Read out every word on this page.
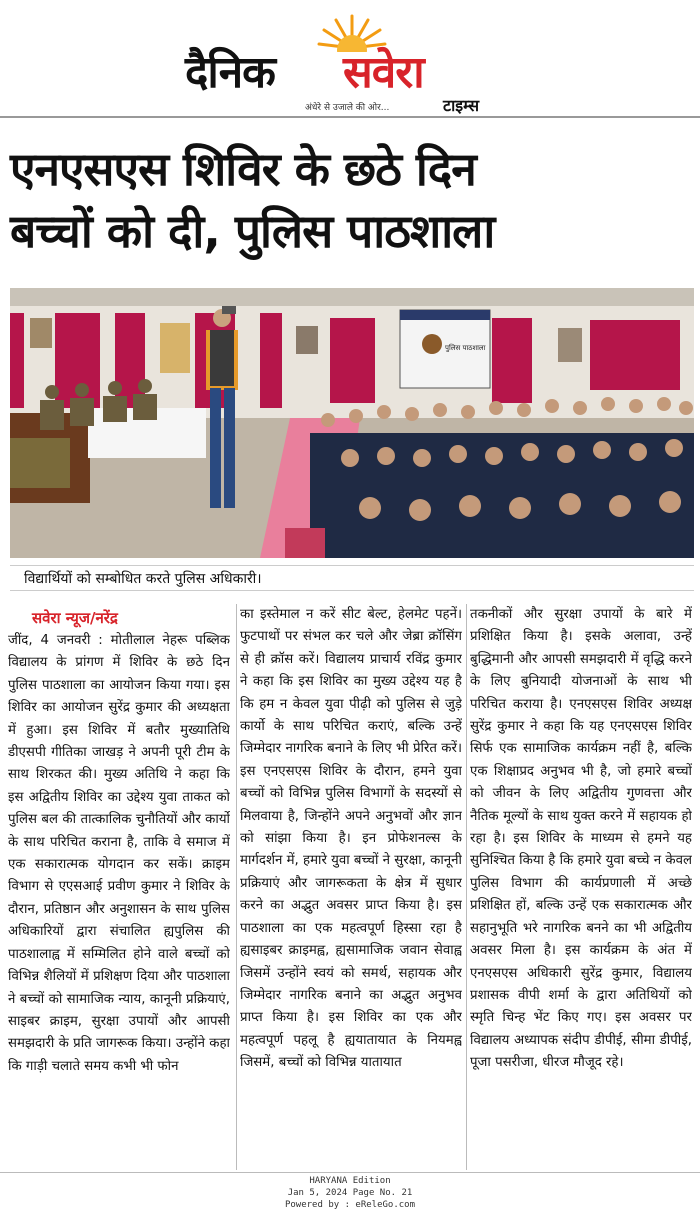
दैनिक सवेरा
अंधेरे से उजाले की ओर...	टाइम्स
एनएसएस शिविर के छठे दिन
बच्चों को दी, पुलिस पाठशाला
पुलिस पाठशाला
विद्यार्थियों को सम्बोधित करते पुलिस अधिकारी।
सवेरा न्यूज/नरेंद्र

जींद, 4 जनवरी : मोतीलाल नेहरू पब्लिक विद्यालय के प्रांगण में शिविर के छठे दिन पुलिस पाठशाला का आयोजन किया गया। इस शिविर का आयोजन सुरेंद्र कुमार की अध्यक्षता में हुआ। इस शिविर में बतौर मुख्यातिथि डीएसपी गीतिका जाखड़ ने अपनी पूरी टीम के साथ शिरकत की। मुख्य अतिथि ने कहा कि इस अद्वितीय शिविर का उद्देश्य युवा ताकत को पुलिस बल की तात्कालिक चुनौतियों और कार्यो के साथ परिचित कराना है, ताकि वे समाज में एक सकारात्मक योगदान कर सकें। क्राइम विभाग से एएसआई प्रवीण कुमार ने शिविर के दौरान, प्रतिष्ठान और अनुशासन के साथ पुलिस अधिकारियों द्वारा संचालित ह्यपुलिस की पाठशालाह्व में सम्मिलित होने वाले बच्चों को विभिन्न शैलियों में प्रशिक्षण दिया और पाठशाला ने बच्चों को सामाजिक न्याय, कानूनी प्रक्रियाएं, साइबर क्राइम, सुरक्षा उपायों और आपसी समझदारी के प्रति जागरूक किया। उन्होंने कहा कि गाड़ी चलाते समय कभी भी फोन

का इस्तेमाल न करें सीट बेल्ट, हेलमेट पहनें। फुटपाथों पर संभल कर चले और जेब्रा क्रॉसिंग से ही क्रॉस करें। विद्यालय प्राचार्य रविंद्र कुमार ने कहा कि इस शिविर का मुख्य उद्देश्य यह है कि हम न केवल युवा पीढ़ी को पुलिस से जुड़े कार्यो के साथ परिचित कराएं, बल्कि उन्हें जिम्मेदार नागरिक बनाने के लिए भी प्रेरित करें। इस एनएसएस शिविर के दौरान, हमने युवा बच्चों को विभिन्न पुलिस विभागों के सदस्यों से मिलवाया है, जिन्होंने अपने अनुभवों और ज्ञान को सांझा किया है। इन प्रोफेशनल्स के मार्गदर्शन में, हमारे युवा बच्चों ने सुरक्षा, कानूनी प्रक्रियाएं और जागरूकता के क्षेत्र में सुधार करने का अद्भुत अवसर प्राप्त किया है। इस पाठशाला का एक महत्वपूर्ण हिस्सा रहा है ह्यसाइबर क्राइमह्व, ह्यसामाजिक जवान सेवाह्व जिसमें उन्होंने स्वयं को समर्थ, सहायक और जिम्मेदार नागरिक बनाने का अद्भुत अनुभव प्राप्त किया है। इस शिविर का एक और महत्वपूर्ण पहलू है ह्ययातायात के नियमह्व जिसमें, बच्चों को विभिन्न यातायात

तकनीकों और सुरक्षा उपायों के बारे में प्रशिक्षित किया है। इसके अलावा, उन्हें बुद्धिमानी और आपसी समझदारी में वृद्धि करने के लिए बुनियादी योजनाओं के साथ भी परिचित कराया है। एनएसएस शिविर अध्यक्ष सुरेंद्र कुमार ने कहा कि यह एनएसएस शिविर सिर्फ एक सामाजिक कार्यक्रम नहीं है, बल्कि एक शिक्षाप्रद अनुभव भी है, जो हमारे बच्चों को जीवन के लिए अद्वितीय गुणवत्ता और नैतिक मूल्यों के साथ युक्त करने में सहायक हो रहा है। इस शिविर के माध्यम से हमने यह सुनिश्चित किया है कि हमारे युवा बच्चे न केवल पुलिस विभाग की कार्यप्रणाली में अच्छे प्रशिक्षित हों, बल्कि उन्हें एक सकारात्मक और सहानुभूति भरे नागरिक बनने का भी अद्वितीय अवसर मिला है। इस कार्यक्रम के अंत में एनएसएस अधिकारी सुरेंद्र कुमार, विद्यालय प्रशासक वीपी शर्मा के द्वारा अतिथियों को स्मृति चिन्ह भेंट किए गए। इस अवसर पर विद्यालय अध्यापक संदीप डीपीई, सीमा डीपीई, पूजा पसरीजा, धीरज मौजूद रहे।

HARYANA Edition
Jan 5, 2024 Page No. 21
Powered by : eReleGo.com
